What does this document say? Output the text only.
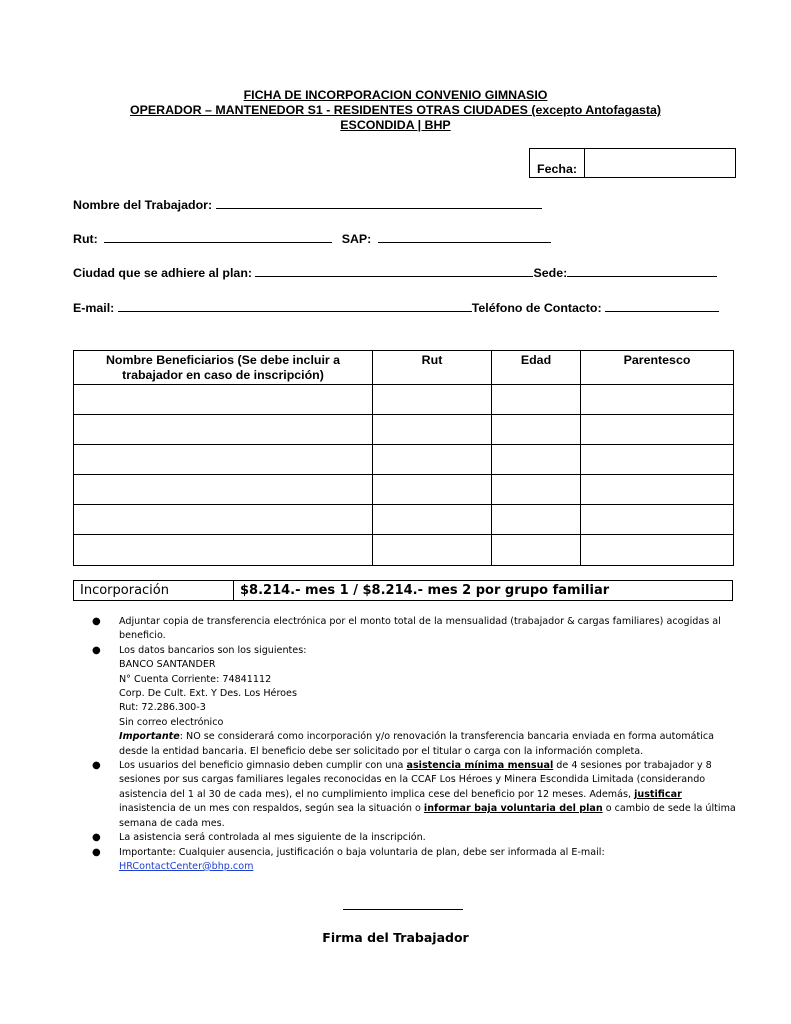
FICHA DE INCORPORACION CONVENIO GIMNASIO
OPERADOR – MANTENEDOR S1 - RESIDENTES OTRAS CIUDADES (excepto Antofagasta)
ESCONDIDA | BHP
Fecha:
Nombre del Trabajador:
Rut:	SAP:
Ciudad que se adhiere al plan:	Sede:
E-mail:	Teléfono de Contacto:
Nombre Beneficiarios (Se debe incluir a trabajador en caso de inscripción)	Rut	Edad	Parentesco

Incorporación	$8.214.- mes 1 / $8.214.- mes 2 por grupo familiar
● Adjuntar copia de transferencia electrónica por el monto total de la mensualidad (trabajador & cargas familiares) acogidas al beneficio.
● Los datos bancarios son los siguientes:
BANCO SANTANDER
N° Cuenta Corriente: 74841112
Corp. De Cult. Ext. Y Des. Los Héroes
Rut: 72.286.300-3
Sin correo electrónico
Importante: NO se considerará como incorporación y/o renovación la transferencia bancaria enviada en forma automática desde la entidad bancaria. El beneficio debe ser solicitado por el titular o carga con la información completa.
● Los usuarios del beneficio gimnasio deben cumplir con una asistencia mínima mensual de 4 sesiones por trabajador y 8 sesiones por sus cargas familiares legales reconocidas en la CCAF Los Héroes y Minera Escondida Limitada (considerando asistencia del 1 al 30 de cada mes), el no cumplimiento implica cese del beneficio por 12 meses. Además, justificar inasistencia de un mes con respaldos, según sea la situación o informar baja voluntaria del plan o cambio de sede la última semana de cada mes.
● La asistencia será controlada al mes siguiente de la inscripción.
● Importante: Cualquier ausencia, justificación o baja voluntaria de plan, debe ser informada al E-mail: HRContactCenter@bhp.com
Firma del Trabajador
